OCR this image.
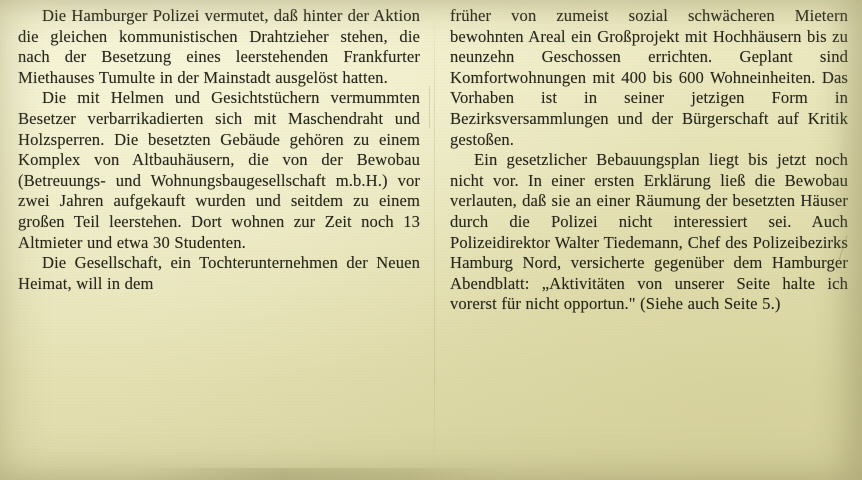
Die Hamburger Polizei vermutet, daß hinter der Aktion die gleichen kommunistischen Drahtzieher stehen, die nach der Besetzung eines leerstehenden Frankfurter Miethauses Tumulte in der Mainstadt ausgelöst hatten.

Die mit Helmen und Gesichtstüchern vermummten Besetzer verbarrikadierten sich mit Maschendraht und Holzsperren. Die besetzten Gebäude gehören zu einem Komplex von Altbauhäusern, die von der Bewobau (Betreuungs- und Wohnungsbaugesellschaft m.b.H.) vor zwei Jahren aufgekauft wurden und seitdem zu einem großen Teil leerstehen. Dort wohnen zur Zeit noch 13 Altmieter und etwa 30 Studenten.

Die Gesellschaft, ein Tochterunternehmen der Neuen Heimat, will in dem

früher von zumeist sozial schwächeren Mietern bewohnten Areal ein Großprojekt mit Hochhäusern bis zu neunzehn Geschossen errichten. Geplant sind Komfortwohnungen mit 400 bis 600 Wohneinheiten. Das Vorhaben ist in seiner jetzigen Form in Bezirksversammlungen und der Bürgerschaft auf Kritik gestoßen.

Ein gesetzlicher Bebauungsplan liegt bis jetzt noch nicht vor. In einer ersten Erklärung ließ die Bewobau verlauten, daß sie an einer Räumung der besetzten Häuser durch die Polizei nicht interessiert sei. Auch Polizeidirektor Walter Tiedemann, Chef des Polizeibezirks Hamburg Nord, versicherte gegenüber dem Hamburger Abendblatt: „Aktivitäten von unserer Seite halte ich vorerst für nicht opportun." (Siehe auch Seite 5.)
